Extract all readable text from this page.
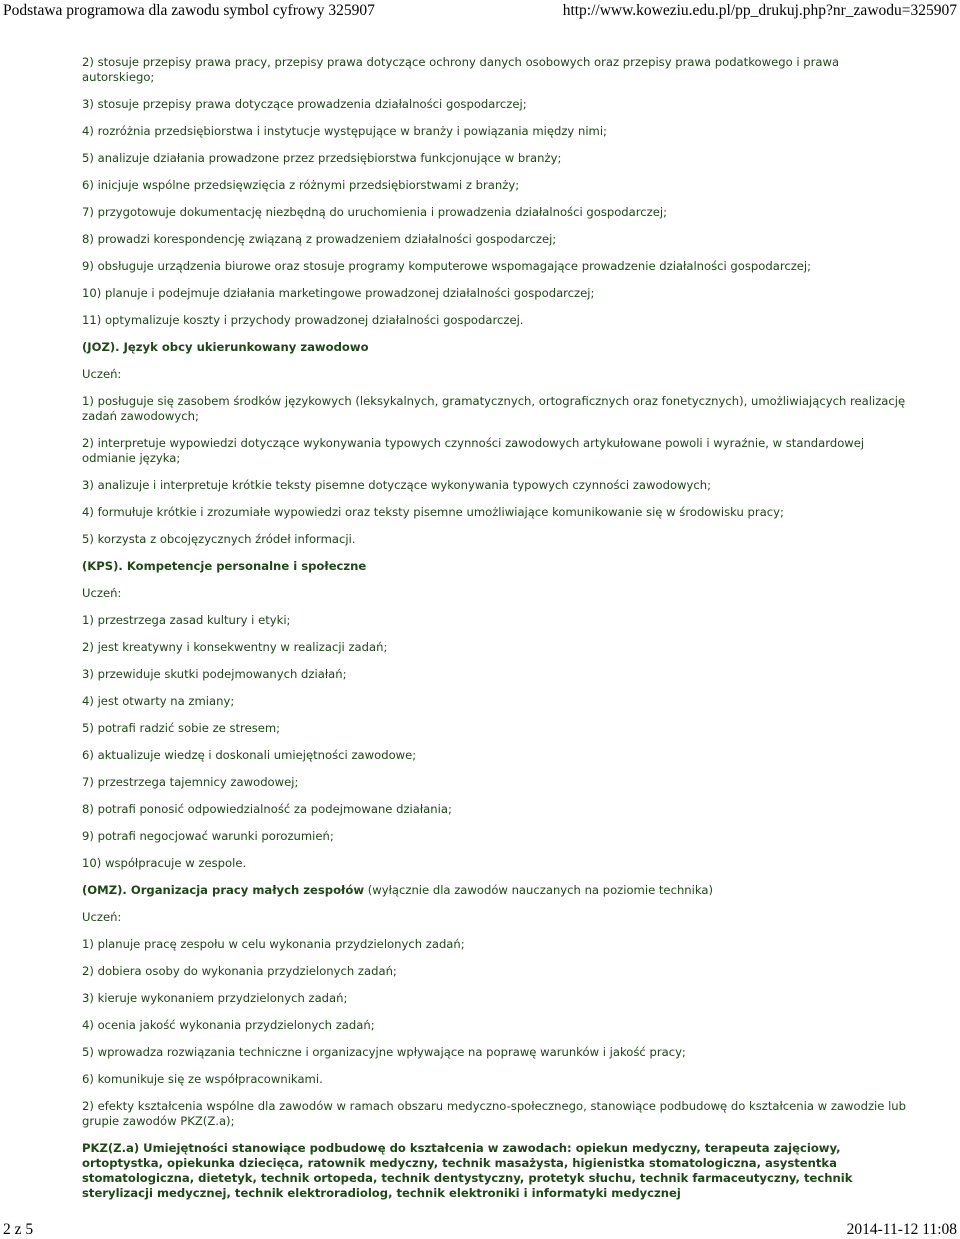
Podstawa programowa dla zawodu symbol cyfrowy 325907	http://www.koweziu.edu.pl/pp_drukuj.php?nr_zawodu=325907

2) stosuje przepisy prawa pracy, przepisy prawa dotyczące ochrony danych osobowych oraz przepisy prawa podatkowego i prawa autorskiego;

3) stosuje przepisy prawa dotyczące prowadzenia działalności gospodarczej;

4) rozróżnia przedsiębiorstwa i instytucje występujące w branży i powiązania między nimi;

5) analizuje działania prowadzone przez przedsiębiorstwa funkcjonujące w branży;

6) inicjuje wspólne przedsięwzięcia z różnymi przedsiębiorstwami z branży;

7) przygotowuje dokumentację niezbędną do uruchomienia i prowadzenia działalności gospodarczej;

8) prowadzi korespondencję związaną z prowadzeniem działalności gospodarczej;

9) obsługuje urządzenia biurowe oraz stosuje programy komputerowe wspomagające prowadzenie działalności gospodarczej;

10) planuje i podejmuje działania marketingowe prowadzonej działalności gospodarczej;

11) optymalizuje koszty i przychody prowadzonej działalności gospodarczej.

(JOZ). Język obcy ukierunkowany zawodowo

Uczeń:

1) posługuje się zasobem środków językowych (leksykalnych, gramatycznych, ortograficznych oraz fonetycznych), umożliwiających realizację zadań zawodowych;

2) interpretuje wypowiedzi dotyczące wykonywania typowych czynności zawodowych artykułowane powoli i wyraźnie, w standardowej odmianie języka;

3) analizuje i interpretuje krótkie teksty pisemne dotyczące wykonywania typowych czynności zawodowych;

4) formułuje krótkie i zrozumiałe wypowiedzi oraz teksty pisemne umożliwiające komunikowanie się w środowisku pracy;

5) korzysta z obcojęzycznych źródeł informacji.

(KPS). Kompetencje personalne i społeczne

Uczeń:

1) przestrzega zasad kultury i etyki;

2) jest kreatywny i konsekwentny w realizacji zadań;

3) przewiduje skutki podejmowanych działań;

4) jest otwarty na zmiany;

5) potrafi radzić sobie ze stresem;

6) aktualizuje wiedzę i doskonali umiejętności zawodowe;

7) przestrzega tajemnicy zawodowej;

8) potrafi ponosić odpowiedzialność za podejmowane działania;

9) potrafi negocjować warunki porozumień;

10) współpracuje w zespole.

(OMZ). Organizacja pracy małych zespołów (wyłącznie dla zawodów nauczanych na poziomie technika)

Uczeń:

1) planuje pracę zespołu w celu wykonania przydzielonych zadań;

2) dobiera osoby do wykonania przydzielonych zadań;

3) kieruje wykonaniem przydzielonych zadań;

4) ocenia jakość wykonania przydzielonych zadań;

5) wprowadza rozwiązania techniczne i organizacyjne wpływające na poprawę warunków i jakość pracy;

6) komunikuje się ze współpracownikami.

2) efekty kształcenia wspólne dla zawodów w ramach obszaru medyczno-społecznego, stanowiące podbudowę do kształcenia w zawodzie lub grupie zawodów PKZ(Z.a);

PKZ(Z.a) Umiejętności stanowiące podbudowę do kształcenia w zawodach: opiekun medyczny, terapeuta zajęciowy, ortoptystka, opiekunka dziecięca, ratownik medyczny, technik masażysta, higienistka stomatologiczna, asystentka stomatologiczna, dietetyk, technik ortopeda, technik dentystyczny, protetyk słuchu, technik farmaceutyczny, technik sterylizacji medycznej, technik elektroradiolog, technik elektroniki i informatyki medycznej

2 z 5	2014-11-12 11:08
